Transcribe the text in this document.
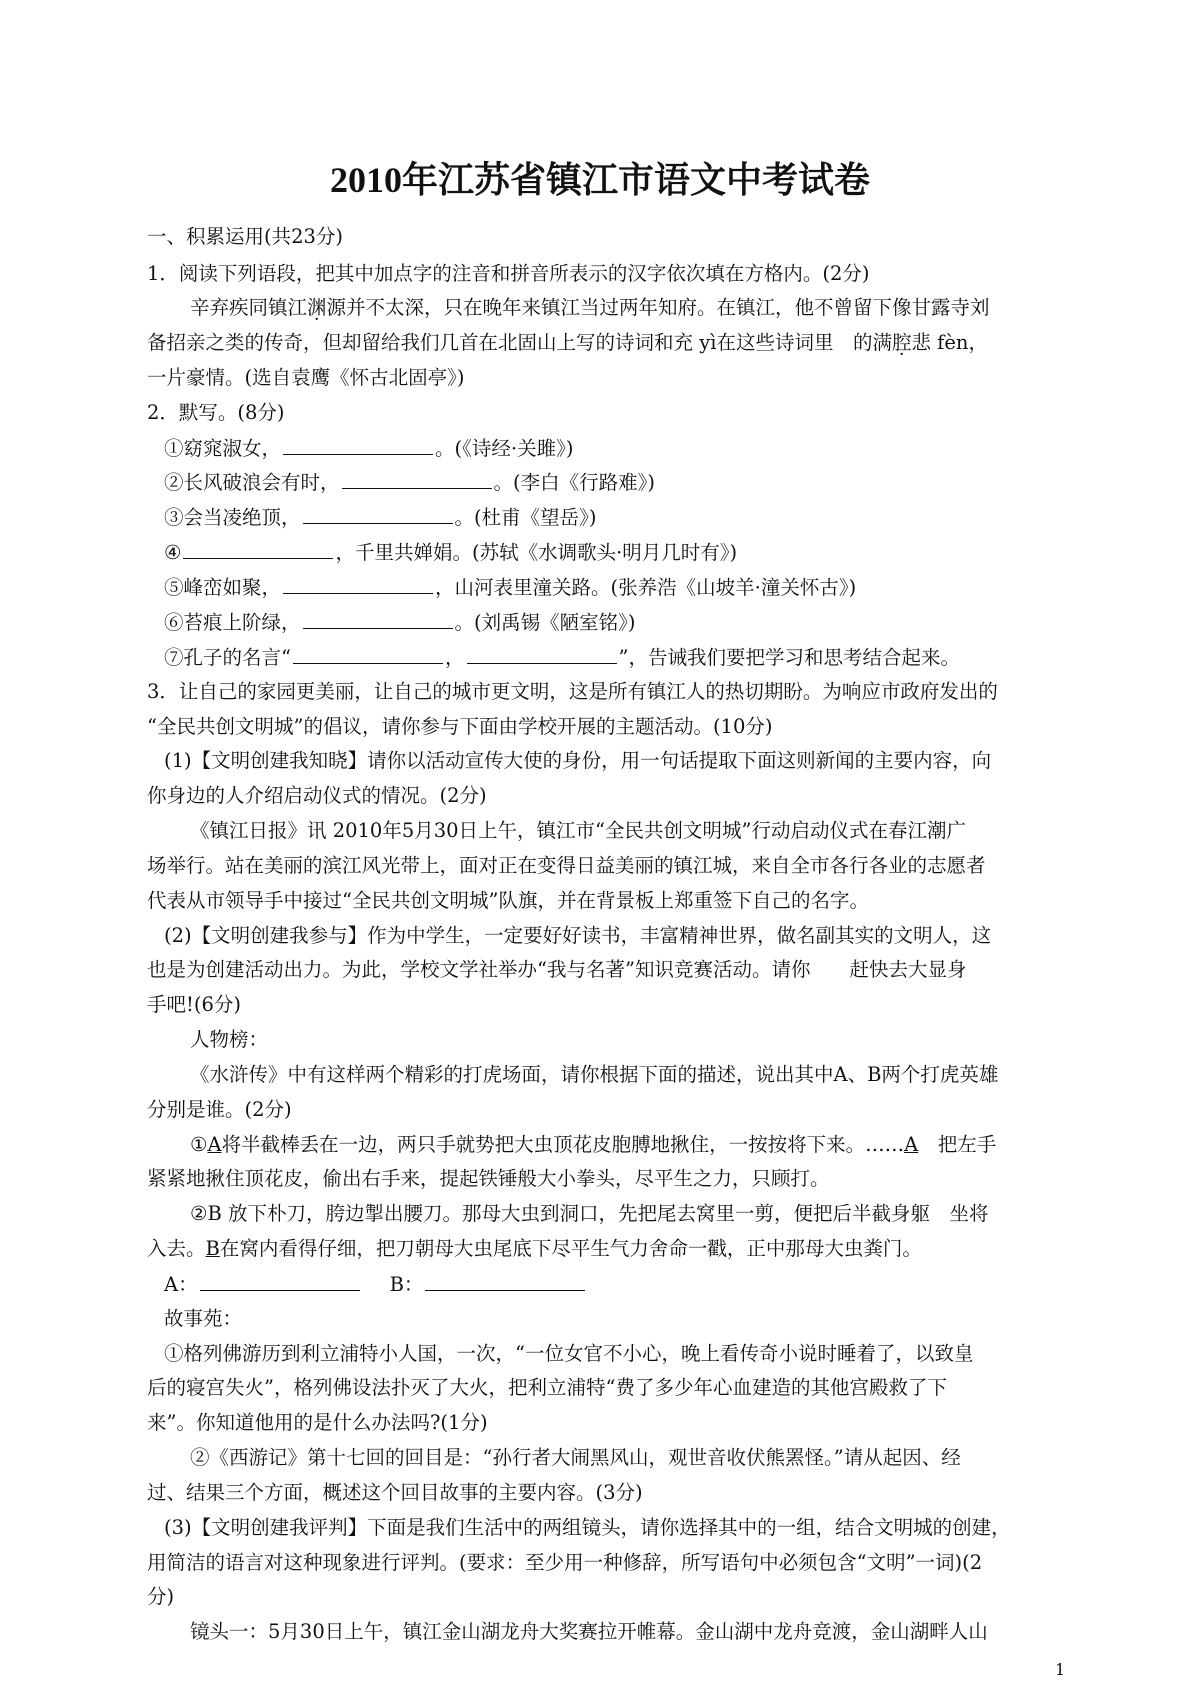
2010年江苏省镇江市语文中考试卷
一、积累运用(共23分)
1．阅读下列语段，把其中加点字的注音和拼音所表示的汉字依次填在方格内。(2分)
辛弃疾同镇江渊源并不太深，只在晚年来镇江当过两年知府。在镇江，他不曾留下像甘露寺刘
备招亲之类的传奇，但却留给我们几首在北固山上写的诗词和充 yì在这些诗词里　的满腔悲 fèn，
一片豪情。(选自袁鹰《怀古北固亭》)
2．默写。(8分)
①窈窕淑女，	。(《诗经·关雎》)
②长风破浪会有时，	。(李白《行路难》)
③会当凌绝顶，	。(杜甫《望岳》)
④	，千里共婵娟。(苏轼《水调歌头·明月几时有》)
⑤峰峦如聚，	，山河表里潼关路。(张养浩《山坡羊·潼关怀古》)
⑥苔痕上阶绿，	。(刘禹锡《陋室铭》)
⑦孔子的名言“	，	”，告诫我们要把学习和思考结合起来。
3．让自己的家园更美丽，让自己的城市更文明，这是所有镇江人的热切期盼。为响应市政府发出的
“全民共创文明城”的倡议，请你参与下面由学校开展的主题活动。(10分)
(1)【文明创建我知晓】请你以活动宣传大使的身份，用一句话提取下面这则新闻的主要内容，向
你身边的人介绍启动仪式的情况。(2分)
《镇江日报》讯 2010年5月30日上午，镇江市“全民共创文明城”行动启动仪式在春江潮广
场举行。站在美丽的滨江风光带上，面对正在变得日益美丽的镇江城，来自全市各行各业的志愿者
代表从市领导手中接过“全民共创文明城”队旗，并在背景板上郑重签下自己的名字。
(2)【文明创建我参与】作为中学生，一定要好好读书，丰富精神世界，做名副其实的文明人，这
也是为创建活动出力。为此，学校文学社举办“我与名著”知识竞赛活动。请你　　赶快去大显身
手吧!(6分)
人物榜：
《水浒传》中有这样两个精彩的打虎场面，请你根据下面的描述，说出其中A、B两个打虎英雄
分别是谁。(2分)
①A将半截棒丢在一边，两只手就势把大虫顶花皮胞膊地揪住，一按按将下来。……A　把左手
紧紧地揪住顶花皮，偷出右手来，提起铁锤般大小拳头，尽平生之力，只顾打。
②B 放下朴刀，胯边掣出腰刀。那母大虫到洞口，先把尾去窝里一剪，便把后半截身躯　坐将
入去。B在窝内看得仔细，把刀朝母大虫尾底下尽平生气力舍命一戳，正中那母大虫粪门。
A：	B：
故事苑：
①格列佛游历到利立浦特小人国，一次，“一位女官不小心，晚上看传奇小说时睡着了，以致皇
后的寝宫失火”，格列佛设法扑灭了大火，把利立浦特“费了多少年心血建造的其他宫殿救了下
来”。你知道他用的是什么办法吗?(1分)
②《西游记》第十七回的回目是：“孙行者大闹黑风山，观世音收伏熊罴怪。”请从起因、经
过、结果三个方面，概述这个回目故事的主要内容。(3分)
(3)【文明创建我评判】下面是我们生活中的两组镜头，请你选择其中的一组，结合文明城的创建，
用简洁的语言对这种现象进行评判。(要求：至少用一种修辞，所写语句中必须包含“文明”一词)(2
分)
镜头一：5月30日上午，镇江金山湖龙舟大奖赛拉开帷幕。金山湖中龙舟竞渡，金山湖畔人山
1
